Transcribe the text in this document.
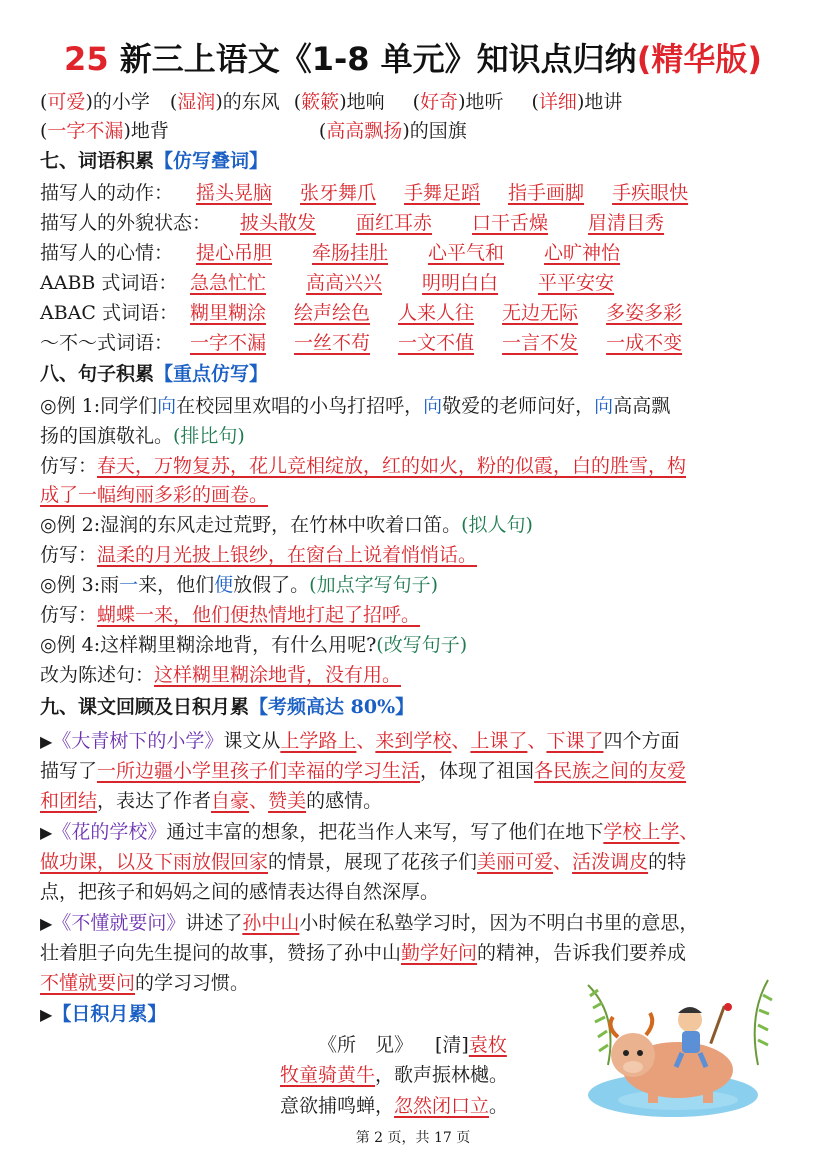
25 新三上语文《1-8 单元》知识点归纳(精华版)
(可爱)的小学 (湿润)的东风 (簌簌)地响 (好奇)地听 (详细)地讲
(一字不漏)地背	(高高飘扬)的国旗
七、词语积累【仿写叠词】
描写人的动作： 摇头晃脑 张牙舞爪 手舞足蹈 指手画脚 手疾眼快
描写人的外貌状态： 披头散发 面红耳赤 口干舌燥 眉清目秀
描写人的心情： 提心吊胆 牵肠挂肚 心平气和 心旷神怡
AABB 式词语： 急急忙忙 高高兴兴 明明白白 平平安安
ABAC 式词语： 糊里糊涂 绘声绘色 人来人往 无边无际 多姿多彩
～不～式词语： 一字不漏 一丝不苟 一文不值 一言不发 一成不变
八、句子积累【重点仿写】
◎例 1:同学们向在校园里欢唱的小鸟打招呼，向敬爱的老师问好，向高高飘
扬的国旗敬礼。(排比句)
仿写：春天，万物复苏，花儿竞相绽放，红的如火，粉的似霞，白的胜雪，构
成了一幅绚丽多彩的画卷。
◎例 2:湿润的东风走过荒野，在竹林中吹着口笛。(拟人句)
仿写：温柔的月光披上银纱，在窗台上说着悄悄话。
◎例 3:雨一来，他们便放假了。(加点字写句子)
仿写：蝴蝶一来，他们便热情地打起了招呼。
◎例 4:这样糊里糊涂地背，有什么用呢?(改写句子)
改为陈述句：这样糊里糊涂地背，没有用。
九、课文回顾及日积月累【考频高达 80%】
▶《大青树下的小学》课文从上学路上、来到学校、上课了、下课了四个方面
描写了一所边疆小学里孩子们幸福的学习生活，体现了祖国各民族之间的友爱
和团结，表达了作者自豪、赞美的感情。
▶《花的学校》通过丰富的想象，把花当作人来写，写了他们在地下学校上学、
做功课，以及下雨放假回家的情景，展现了花孩子们美丽可爱、活泼调皮的特
点，把孩子和妈妈之间的感情表达得自然深厚。
▶《不懂就要问》讲述了孙中山小时候在私塾学习时，因为不明白书里的意思，
壮着胆子向先生提问的故事，赞扬了孙中山勤学好问的精神，告诉我们要养成
不懂就要问的学习习惯。
▶【日积月累】
《所　见》 [清]袁枚
牧童骑黄牛，歌声振林樾。
意欲捕鸣蝉，忽然闭口立。
第 2 页，共 17 页
